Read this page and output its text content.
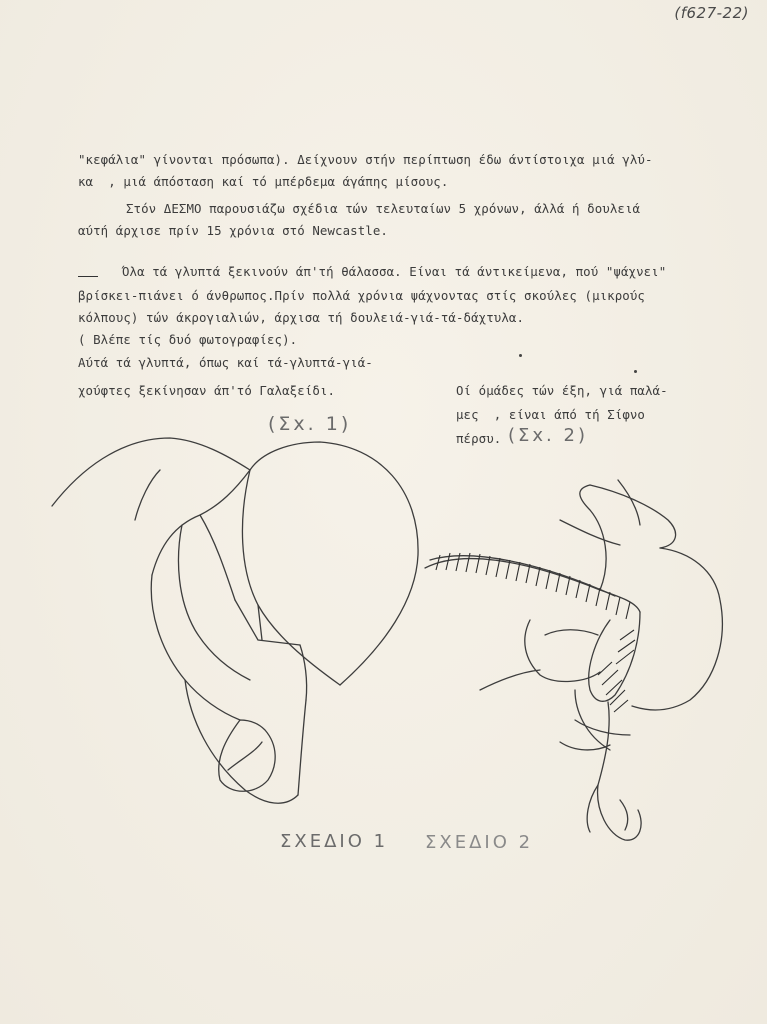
(f627-22)
"κεφάλια" γίνονται πρόσωπα). Δείχνουν στήν περίπτωση έδω άντίστοιχα μιά γλύ-
κα  , μιά άπόσταση καί τό μπέρδεμα άγάπης μίσους.
Στόν ΔΕΣΜΟ παρουσιάζω σχέδια τών τελευταίων 5 χρόνων, άλλά ή δουλειά
αύτή άρχισε πρίν 15 χρόνια στό Newcastle.
Όλα τά γλυπτά ξεκινούν άπ'τή θάλασσα. Είναι τά άντικείμενα, πού "ψάχνει"
βρίσκει-πιάνει ό άνθρωπος.Πρίν πολλά χρόνια ψάχνοντας στίς σκούλες (μικρούς
κόλπους) τών άκρογιαλιών, άρχισα τή δουλειά-γιά-τά-δάχτυλα.
( Βλέπε τίς δυό φωτογραφίες).
Αύτά τά γλυπτά, όπως καί τά-γλυπτά-γιά-
χούφτες ξεκίνησαν άπ'τό Γαλαξείδι.	Οί όμάδες τών έξη, γιά παλά-
μες  , είναι άπό τή Σίφνο
πέρσυ.
(Σx. 1)
(Σx. 2)
ΣΧΕΔΙΟ 1 ΣΧΕΔΙΟ 2
